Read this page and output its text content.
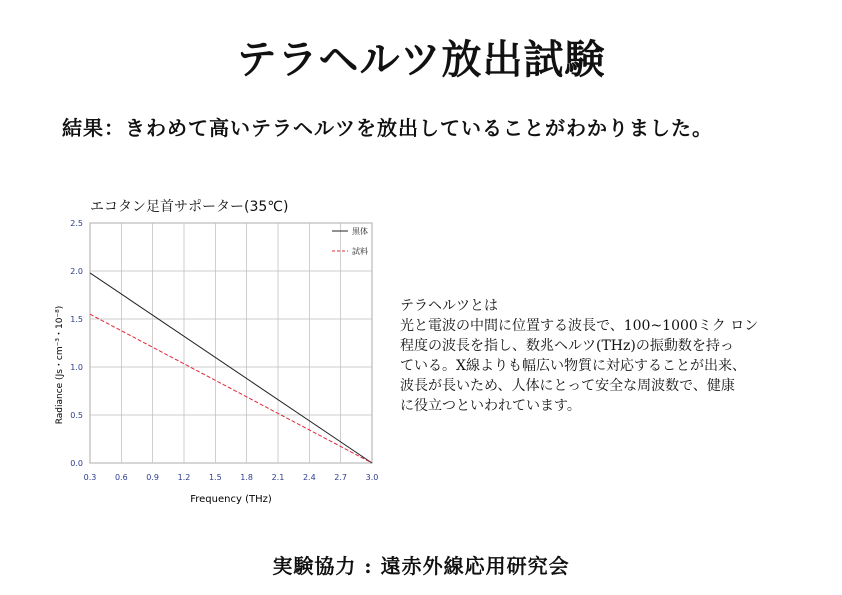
テラヘルツ放出試験
結果：きわめて高いテラヘルツを放出していることがわかりました。
エコタン足首サポーター(35℃)
0.3 0.6 0.9 1.2 1.5 1.8 2.1 2.4 2.7 3.0
0.0
0.5
1.0
1.5
2.0
2.5
黒体
試料
Frequency (THz)
Radiance (Js・cm⁻³・10⁻⁸)	テラヘルツとは
光と電波の中間に位置する波長で、100~1000ミク ロン
程度の波長を指し、数兆ヘルツ(THz)の振動数を持っ
ている。X線よりも幅広い物質に対応することが出来、
波長が長いため、人体にとって安全な周波数で、健康
に役立つといわれています。
実験協力 : 遠赤外線応用研究会
